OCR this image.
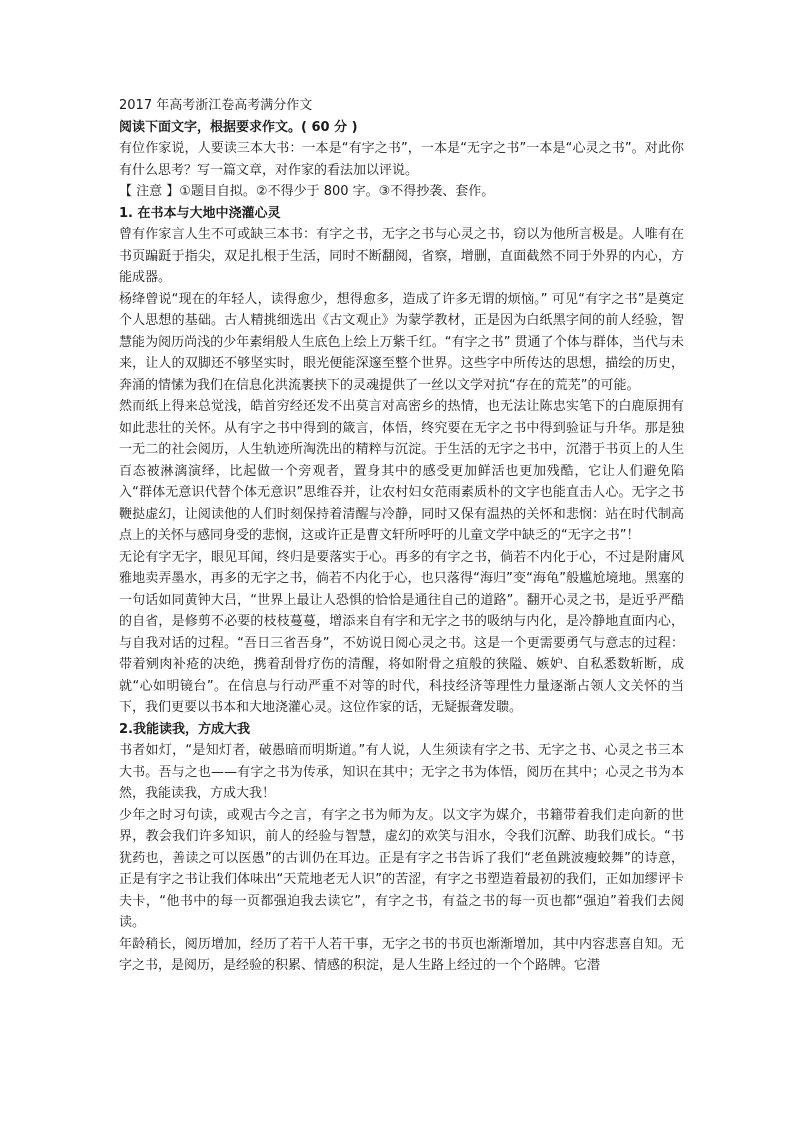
2017 年高考浙江卷高考满分作文

阅读下面文字，根据要求作文。( 60 分 )

有位作家说，人要读三本大书：一本是“有字之书”，一本是“无字之书”一本是“心灵之书”。对此你有什么思考？写一篇文章，对作家的看法加以评说。

【 注意 】①题目自拟。②不得少于 800 字。③不得抄袭、套作。

1. 在书本与大地中浇灌心灵

曾有作家言人生不可或缺三本书：有字之书，无字之书与心灵之书，窃以为他所言极是。人唯有在书页蹁跹于指尖，双足扎根于生活，同时不断翻阅，省察，增删，直面截然不同于外界的内心，方能成器。

杨绛曾说“现在的年轻人，读得愈少，想得愈多，造成了许多无谓的烦恼。” 可见“有字之书”是奠定个人思想的基础。古人精挑细选出《古文观止》为蒙学教材，正是因为白纸黑字间的前人经验，智慧能为阅历尚浅的少年素绢般人生底色上绘上万紫千红。“有字之书” 贯通了个体与群体，当代与未来，让人的双脚还不够坚实时，眼光便能深邃至整个世界。这些字中所传达的思想，描绘的历史，奔涌的情愫为我们在信息化洪流裹挟下的灵魂提供了一丝以文学对抗“存在的荒芜”的可能。

然而纸上得来总觉浅，皓首穷经还发不出莫言对高密乡的热情，也无法让陈忠实笔下的白鹿原拥有如此悲壮的关怀。从有字之书中得到的箴言，体悟，终究要在无字之书中得到验证与升华。那是独一无二的社会阅历，人生轨迹所淘洗出的精粹与沉淀。于生活的无字之书中，沉潜于书页上的人生百态被淋漓演绎，比起做一个旁观者，置身其中的感受更加鲜活也更加残酷，它让人们避免陷入“群体无意识代替个体无意识”思维吞并，让农村妇女范雨素质朴的文字也能直击人心。无字之书鞭挞虚幻，让阅读他的人们时刻保持着清醒与冷静，同时又保有温热的关怀和悲悯：站在时代制高点上的关怀与感同身受的悲悯，这或许正是曹文轩所呼吁的儿童文学中缺乏的“无字之书”！

无论有字无字，眼见耳闻，终归是要落实于心。再多的有字之书，倘若不内化于心，不过是附庸风雅地卖弄墨水，再多的无字之书，倘若不内化于心，也只落得“海归”变“海龟”般尴尬境地。黑塞的一句话如同黄钟大吕，“世界上最让人恐惧的恰恰是通往自己的道路”。翻开心灵之书，是近乎严酷的自省，是修剪不必要的枝枝蔓蔓，增添来自有字和无字之书的吸纳与内化，是冷静地直面内心，与自我对话的过程。“吾日三省吾身”，不妨说日阅心灵之书。这是一个更需要勇气与意志的过程：带着剜肉补疮的决绝，携着刮骨疗伤的清醒，将如附骨之疽般的狭隘、嫉妒、自私悉数斩断，成就“心如明镜台”。在信息与行动严重不对等的时代，科技经济等理性力量逐渐占领人文关怀的当下，我们更要以书本和大地浇灌心灵。这位作家的话，无疑振聋发聩。

2.我能读我，方成大我

书者如灯，“是知灯者，破愚暗而明斯道。”有人说，人生须读有字之书、无字之书、心灵之书三本大书。吾与之也——有字之书为传承，知识在其中；无字之书为体悟，阅历在其中；心灵之书为本然，我能读我，方成大我！

少年之时习句读，或观古今之言，有字之书为师为友。以文字为媒介，书籍带着我们走向新的世界，教会我们许多知识，前人的经验与智慧，虚幻的欢笑与泪水，令我们沉醉、助我们成长。“书犹药也，善读之可以医愚”的古训仍在耳边。正是有字之书告诉了我们“老鱼跳波瘦蛟舞”的诗意，正是有字之书让我们体味出“天荒地老无人识”的苦涩，有字之书塑造着最初的我们，正如加缪评卡夫卡，“他书中的每一页都强迫我去读它”，有字之书，有益之书的每一页也都“强迫”着我们去阅读。

年龄稍长，阅历增加，经历了若干人若干事，无字之书的书页也渐渐增加，其中内容悲喜自知。无字之书，是阅历，是经验的积累、情感的积淀，是人生路上经过的一个个路牌。它潜
